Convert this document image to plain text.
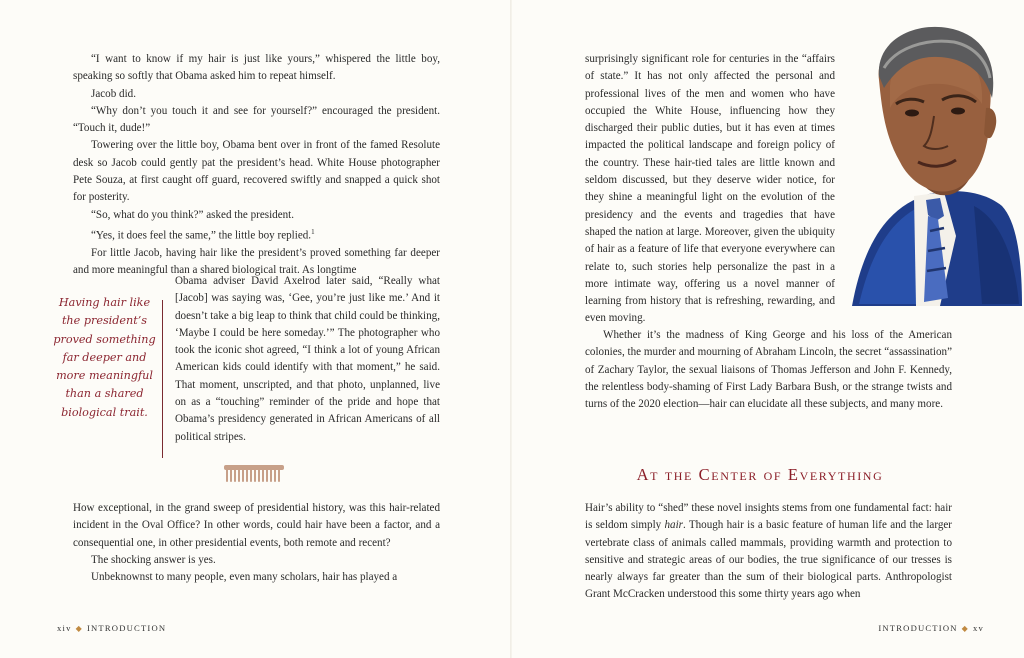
“I want to know if my hair is just like yours,” whispered the little boy, speaking so softly that Obama asked him to repeat himself.

Jacob did.

“Why don’t you touch it and see for yourself?” encouraged the president. “Touch it, dude!”

Towering over the little boy, Obama bent over in front of the famed Resolute desk so Jacob could gently pat the president’s head. White House photographer Pete Souza, at first caught off guard, recovered swiftly and snapped a quick shot for posterity.

“So, what do you think?” asked the president.

“Yes, it does feel the same,” the little boy replied.$^1$

For little Jacob, having hair like the president’s proved something far deeper and more meaningful than a shared biological trait. As longtime

Having hair like the president’s proved something far deeper and more meaningful than a shared biological trait.

Obama adviser David Axelrod later said, “Really what [Jacob] was saying was, ‘Gee, you’re just like me.’ And it doesn’t take a big leap to think that child could be thinking, ‘Maybe I could be here someday.’” The photographer who took the iconic shot agreed, “I think a lot of young African American kids could identify with that moment,” he said. That moment, unscripted, and that photo, unplanned, live on as a “touching” reminder of the pride and hope that Obama’s presidency generated in African Americans of all political stripes.

How exceptional, in the grand sweep of presidential history, was this hair-related incident in the Oval Office? In other words, could hair have been a factor, and a consequential one, in other presidential events, both remote and recent?

The shocking answer is yes.

Unbeknownst to many people, even many scholars, hair has played a

xiv ◆ INTRODUCTION

surprisingly significant role for centuries in the “affairs of state.” It has not only affected the personal and professional lives of the men and women who have occupied the White House, influencing how they discharged their public duties, but it has even at times impacted the political landscape and foreign policy of the country. These hair-tied tales are little known and seldom discussed, but they deserve wider notice, for they shine a meaningful light on the evolution of the presidency and the events and tragedies that have shaped the nation at large. Moreover, given the ubiquity of hair as a feature of life that everyone everywhere can relate to, such stories help personalize the past in a more intimate way, offering us a novel manner of learning from history that is refreshing, rewarding, and even moving.

Whether it’s the madness of King George and his loss of the American colonies, the murder and mourning of Abraham Lincoln, the secret “assassination” of Zachary Taylor, the sexual liaisons of Thomas Jefferson and John F. Kennedy, the relentless body-shaming of First Lady Barbara Bush, or the strange twists and turns of the 2020 election—hair can elucidate all these subjects, and many more.

At the Center of Everything

Hair’s ability to “shed” these novel insights stems from one fundamental fact: hair is seldom simply hair. Though hair is a basic feature of human life and the larger vertebrate class of animals called mammals, providing warmth and protection to sensitive and strategic areas of our bodies, the true significance of our tresses is nearly always far greater than the sum of their biological parts. Anthropologist Grant McCracken understood this some thirty years ago when

INTRODUCTION ◆ xv
